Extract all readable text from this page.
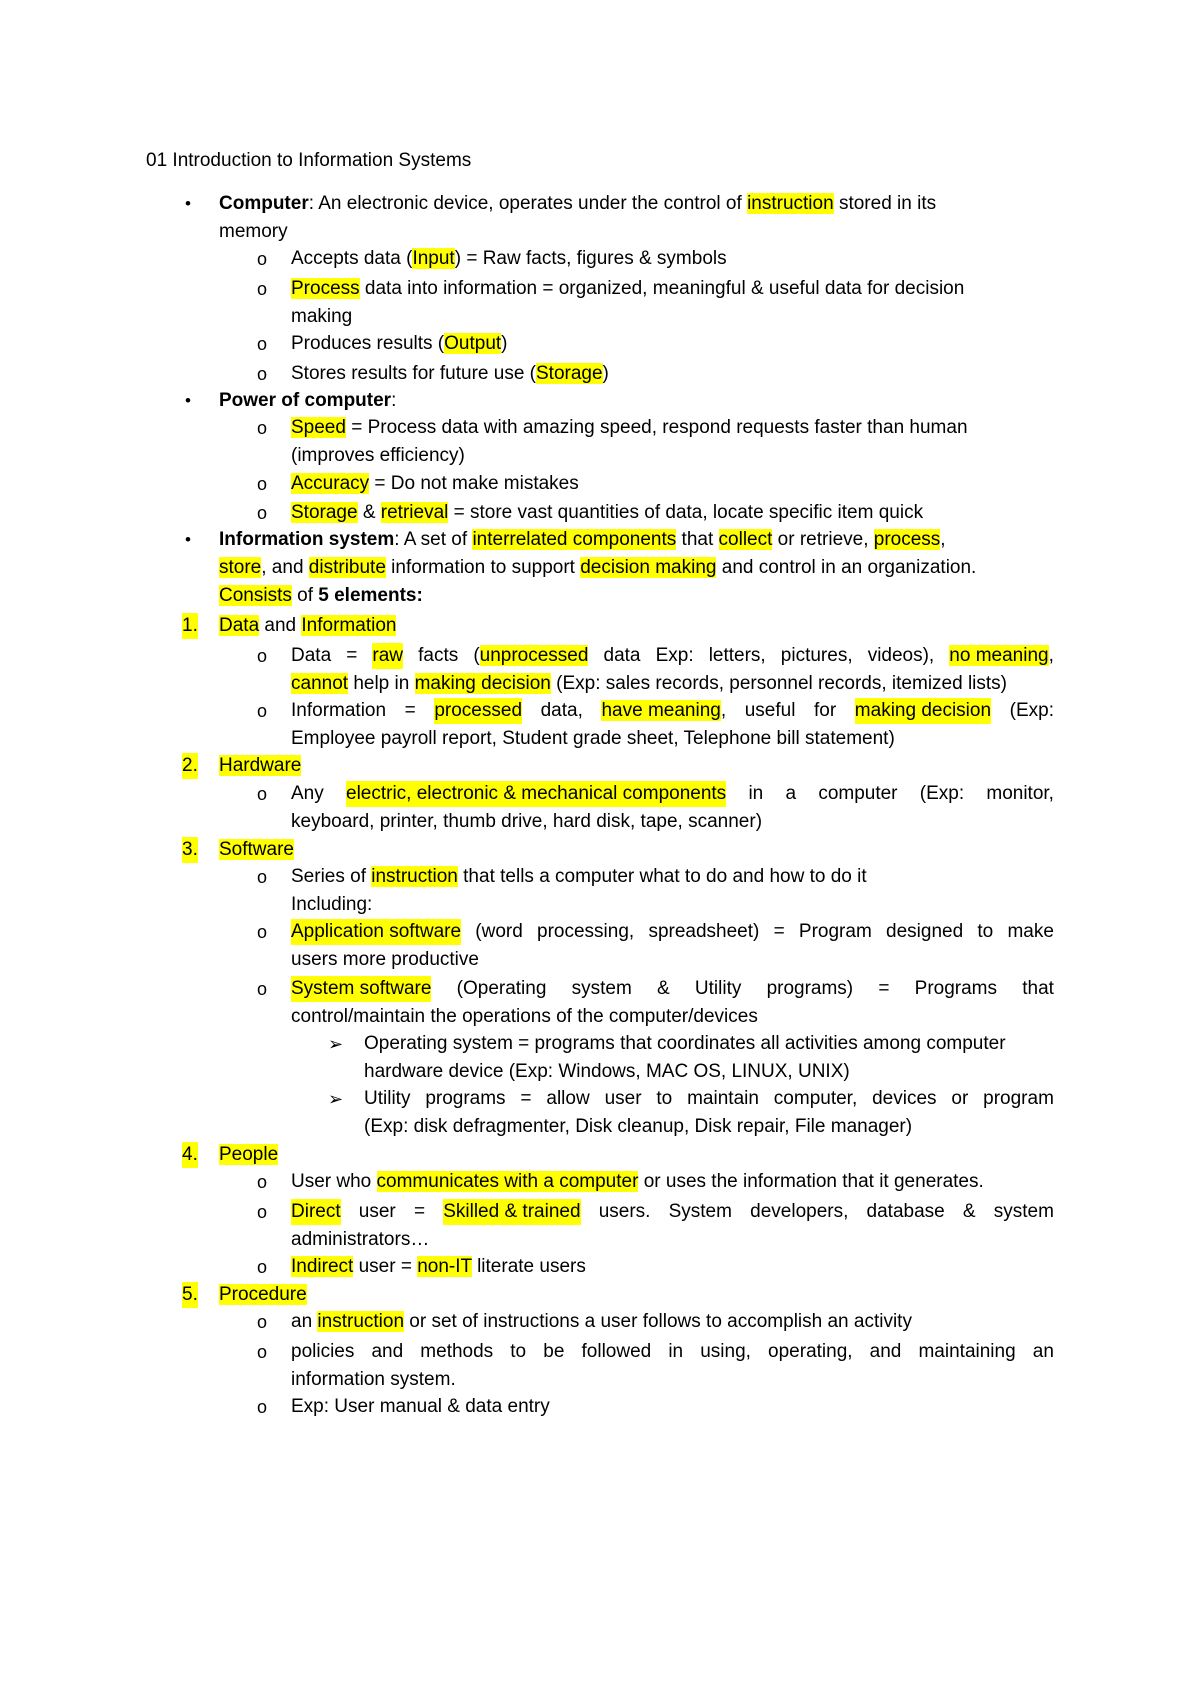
01 Introduction to Information Systems
• Computer: An electronic device, operates under the control of instruction stored in its
memory
o Accepts data (Input) = Raw facts, figures & symbols
o Process data into information = organized, meaningful & useful data for decision
making
o Produces results (Output)
o Stores results for future use (Storage)
• Power of computer:
o Speed = Process data with amazing speed, respond requests faster than human
(improves efficiency)
o Accuracy = Do not make mistakes
o Storage & retrieval = store vast quantities of data, locate specific item quick
• Information system: A set of interrelated components that collect or retrieve, process,
store, and distribute information to support decision making and control in an organization.
Consists of 5 elements:
1. Data and Information
o Data = raw facts (unprocessed data Exp: letters, pictures, videos), no meaning,
cannot help in making decision (Exp: sales records, personnel records, itemized lists)
o Information = processed data, have meaning, useful for making decision (Exp:
Employee payroll report, Student grade sheet, Telephone bill statement)
2. Hardware
o Any electric, electronic & mechanical components in a computer (Exp: monitor,
keyboard, printer, thumb drive, hard disk, tape, scanner)
3. Software
o Series of instruction that tells a computer what to do and how to do it
Including:
o Application software (word processing, spreadsheet) = Program designed to make
users more productive
o System software (Operating system & Utility programs) = Programs that
control/maintain the operations of the computer/devices
➢ Operating system = programs that coordinates all activities among computer
hardware device (Exp: Windows, MAC OS, LINUX, UNIX)
➢ Utility programs = allow user to maintain computer, devices or program
(Exp: disk defragmenter, Disk cleanup, Disk repair, File manager)
4. People
o User who communicates with a computer or uses the information that it generates.
o Direct user = Skilled & trained users. System developers, database & system
administrators…
o Indirect user = non-IT literate users
5. Procedure
o an instruction or set of instructions a user follows to accomplish an activity
o policies and methods to be followed in using, operating, and maintaining an
information system.
o Exp: User manual & data entry
